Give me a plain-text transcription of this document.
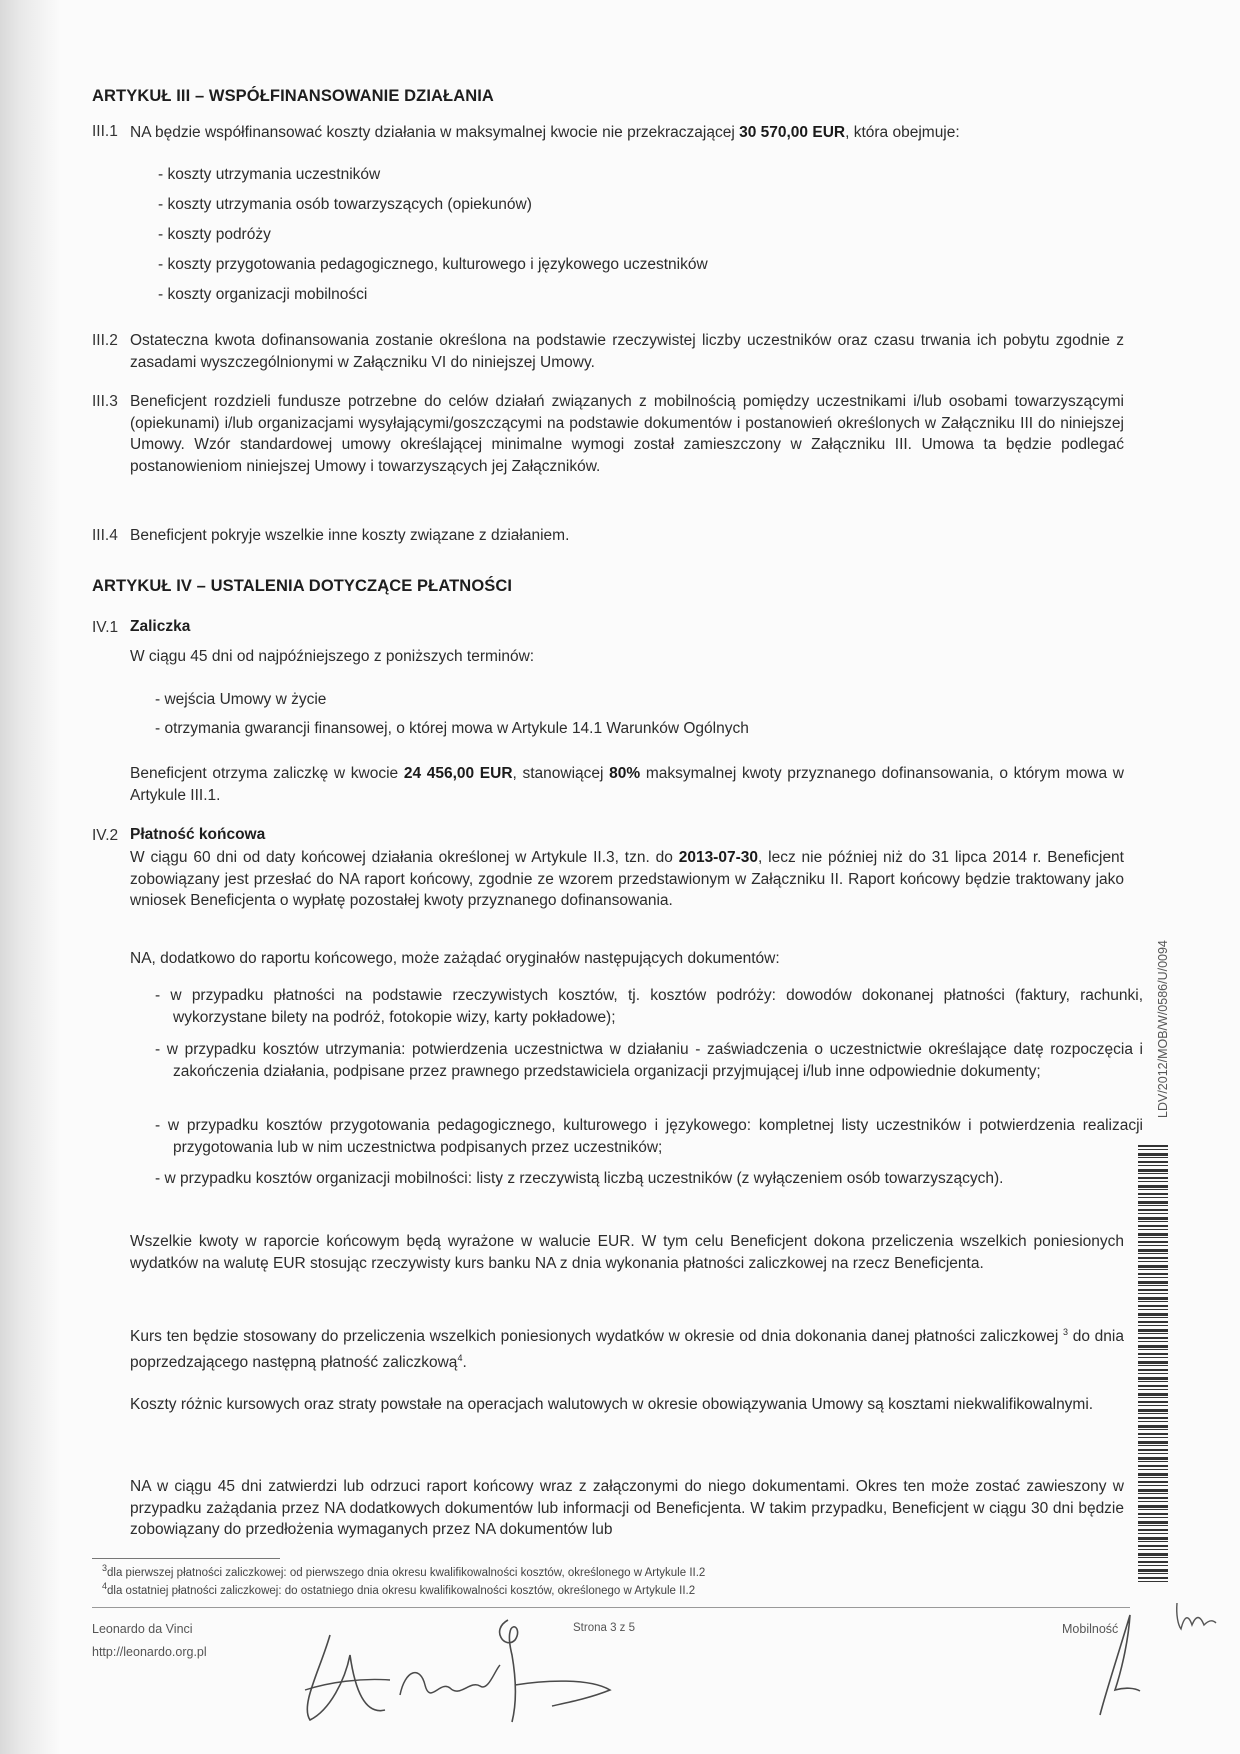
ARTYKUŁ III – WSPÓŁFINANSOWANIE DZIAŁANIA
III.1 NA będzie współfinansować koszty działania w maksymalnej kwocie nie przekraczającej 30 570,00 EUR, która obejmuje:
- koszty utrzymania uczestników
- koszty utrzymania osób towarzyszących (opiekunów)
- koszty podróży
- koszty przygotowania pedagogicznego, kulturowego i językowego uczestników
- koszty organizacji mobilności
III.2 Ostateczna kwota dofinansowania zostanie określona na podstawie rzeczywistej liczby uczestników oraz czasu trwania ich pobytu zgodnie z zasadami wyszczególnionymi w Załączniku VI do niniejszej Umowy.
III.3 Beneficjent rozdzieli fundusze potrzebne do celów działań związanych z mobilnością pomiędzy uczestnikami i/lub osobami towarzyszącymi (opiekunami) i/lub organizacjami wysyłającymi/goszczącymi na podstawie dokumentów i postanowień określonych w Załączniku III do niniejszej Umowy. Wzór standardowej umowy określającej minimalne wymogi został zamieszczony w Załączniku III. Umowa ta będzie podlegać postanowieniom niniejszej Umowy i towarzyszących jej Załączników.
III.4 Beneficjent pokryje wszelkie inne koszty związane z działaniem.
ARTYKUŁ IV – USTALENIA DOTYCZĄCE PŁATNOŚCI
IV.1 Zaliczka
W ciągu 45 dni od najpóźniejszego z poniższych terminów:
- wejścia Umowy w życie
- otrzymania gwarancji finansowej, o której mowa w Artykule 14.1 Warunków Ogólnych
Beneficjent otrzyma zaliczkę w kwocie 24 456,00 EUR, stanowiącej 80% maksymalnej kwoty przyznanego dofinansowania, o którym mowa w Artykule III.1.
IV.2 Płatność końcowa
W ciągu 60 dni od daty końcowej działania określonej w Artykule II.3, tzn. do 2013-07-30, lecz nie później niż do 31 lipca 2014 r. Beneficjent zobowiązany jest przesłać do NA raport końcowy, zgodnie ze wzorem przedstawionym w Załączniku II. Raport końcowy będzie traktowany jako wniosek Beneficjenta o wypłatę pozostałej kwoty przyznanego dofinansowania.
NA, dodatkowo do raportu końcowego, może zażądać oryginałów następujących dokumentów:
- w przypadku płatności na podstawie rzeczywistych kosztów, tj. kosztów podróży: dowodów dokonanej płatności (faktury, rachunki, wykorzystane bilety na podróż, fotokopie wizy, karty pokładowe);
- w przypadku kosztów utrzymania: potwierdzenia uczestnictwa w działaniu - zaświadczenia o uczestnictwie określające datę rozpoczęcia i zakończenia działania, podpisane przez prawnego przedstawiciela organizacji przyjmującej i/lub inne odpowiednie dokumenty;
- w przypadku kosztów przygotowania pedagogicznego, kulturowego i językowego: kompletnej listy uczestników i potwierdzenia realizacji przygotowania lub w nim uczestnictwa podpisanych przez uczestników;
- w przypadku kosztów organizacji mobilności: listy z rzeczywistą liczbą uczestników (z wyłączeniem osób towarzyszących).
Wszelkie kwoty w raporcie końcowym będą wyrażone w walucie EUR. W tym celu Beneficjent dokona przeliczenia wszelkich poniesionych wydatków na walutę EUR stosując rzeczywisty kurs banku NA z dnia wykonania płatności zaliczkowej na rzecz Beneficjenta.
Kurs ten będzie stosowany do przeliczenia wszelkich poniesionych wydatków w okresie od dnia dokonania danej płatności zaliczkowej $^3$ do dnia poprzedzającego następną płatność zaliczkową$^4$.
Koszty różnic kursowych oraz straty powstałe na operacjach walutowych w okresie obowiązywania Umowy są kosztami niekwalifikowalnymi.
NA w ciągu 45 dni zatwierdzi lub odrzuci raport końcowy wraz z załączonymi do niego dokumentami. Okres ten może zostać zawieszony w przypadku zażądania przez NA dodatkowych dokumentów lub informacji od Beneficjenta. W takim przypadku, Beneficjent w ciągu 30 dni będzie zobowiązany do przedłożenia wymaganych przez NA dokumentów lub
$^3$dla pierwszej płatności zaliczkowej: od pierwszego dnia okresu kwalifikowalności kosztów, określonego w Artykule II.2
$^4$dla ostatniej płatności zaliczkowej: do ostatniego dnia okresu kwalifikowalności kosztów, określonego w Artykule II.2
Leonardo da Vinci
http://leonardo.org.pl
Strona 3 z 5	Mobilność
LDV/2012/MOB/W/0586/U/0094
